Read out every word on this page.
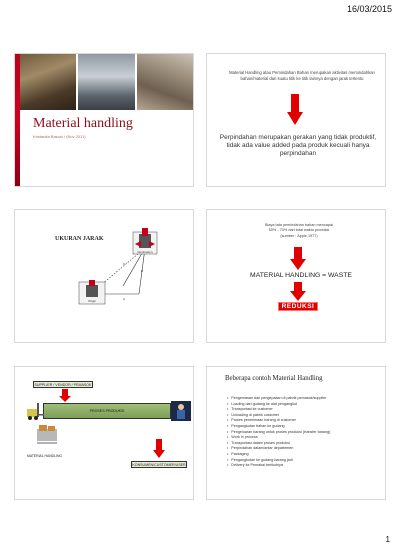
16/03/2015
Material handling
Kristantia Basuki / (Nov 2011)
Material Handling atau Pemindahan Bahan merupakan aktivitas memindahkan bahan/material dari suatu titik ke titik lainnya dengan jarak tertentu
Perpindahan merupakan gerakan yang tidak produktif, tidak ada value added pada produk kecuali hanya perpindahan
UKURAN JARAK
Destination
Origin	A
B
C
Biaya tata pemindahan bahan mencapai
50% - 70% dari total waktu produksi
(sumber : Apple,1977)
MATERIAL HANDLING = WASTE
REDUKSI
SUPPLIER / VENDOR / PEMASOK
PROSES PRODUKSI
MATERIAL HANDLING
KONSUMEN/CUSTOMER/USER
Beberapa contoh Material Handling
• Pengemasan dan pengepakan di pabrik pemasok/supplier
• Loading dari gudang ke alat pengangkut
• Transportasi ke customer
• Unloading di pabrik customer
• Proses penerimaan barang di customer
• Pengangkutan bahan ke gudang
• Pengeluaran barang untuk proses produksi (transfer barang)
• Work in process
• Transportasi dalam proses produksi
• Perpindahan dalam/antar departemen
• Packaging
• Pengangkutan ke gudang barang jadi
• Delivery ke Pemakai berikutnya
1
